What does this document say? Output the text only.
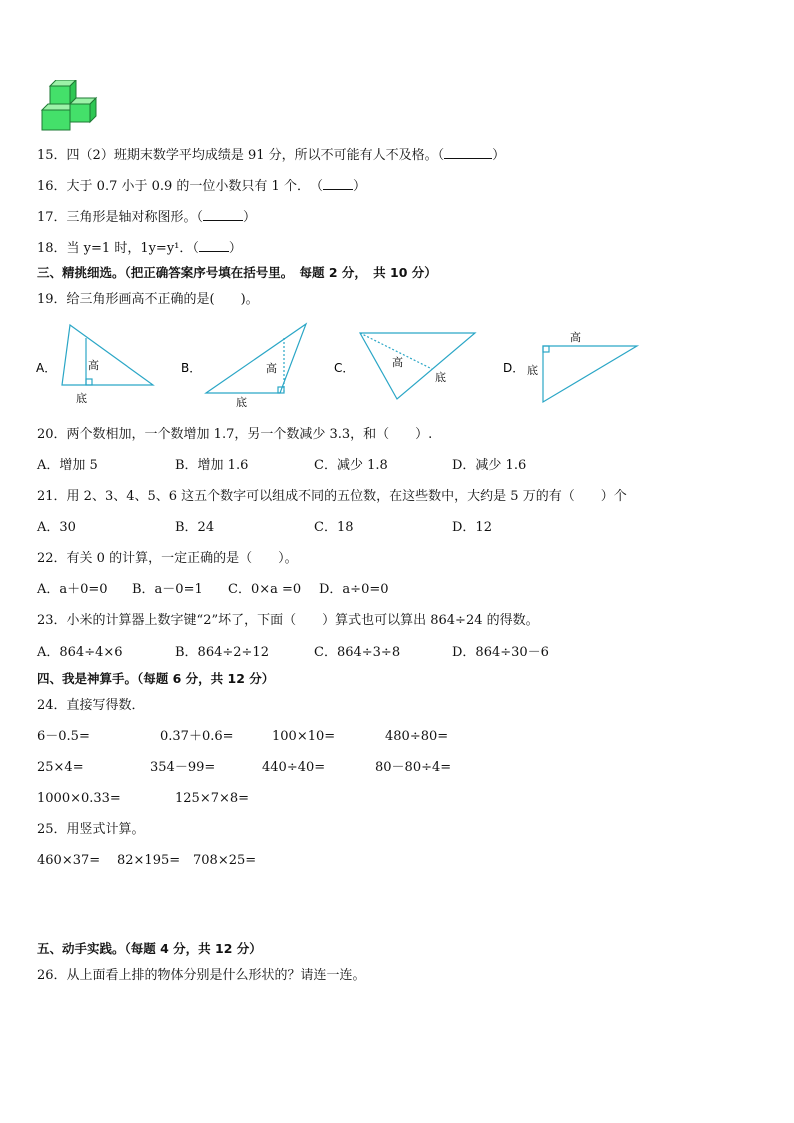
15．四（2）班期末数学平均成绩是 91 分，所以不可能有人不及格。（	）
16．大于 0.7 小于 0.9 的一位小数只有 1 个．　（ ）
17．三角形是轴对称图形。（	）
18．当 y=1 时，1y=y¹．（ ）
三、精挑细选。（把正确答案序号填在括号里。　每题 2 分，　共 10 分）
19．给三角形画高不正确的是(　　)。
A．	高
底
B．	高
底
C．	高
底
D．
高
底
20．两个数相加，一个数增加 1.7，另一个数减少 3.3，和（　　）.
A．增加 5	B．增加 1.6	C．减少 1.8	D．减少 1.6
21．用 2、3、4、5、6 这五个数字可以组成不同的五位数，在这些数中，大约是 5 万的有（　　）个
A．30	B．24	C．18	D．12
22．有关 0 的计算，一定正确的是（　　）。
A．a＋0=0 B．a－0=1 C．0×a =0 D．a÷0=0
23．小米的计算器上数字键“2”坏了，下面（　　）算式也可以算出 864÷24 的得数。
A．864÷4×6	B．864÷2÷12	C．864÷3÷8	D．864÷30－6
四、我是神算手。（每题 6 分，共 12 分）
24．直接写得数．
6－0.5=	0.37＋0.6=	100×10=	480÷80=
25×4=	354－99=	440÷40=	80－80÷4=
1000×0.33=	125×7×8=
25．用竖式计算。
460×37= 82×195= 708×25=
五、动手实践。（每题 4 分，共 12 分）
26．从上面看上排的物体分别是什么形状的？请连一连。
